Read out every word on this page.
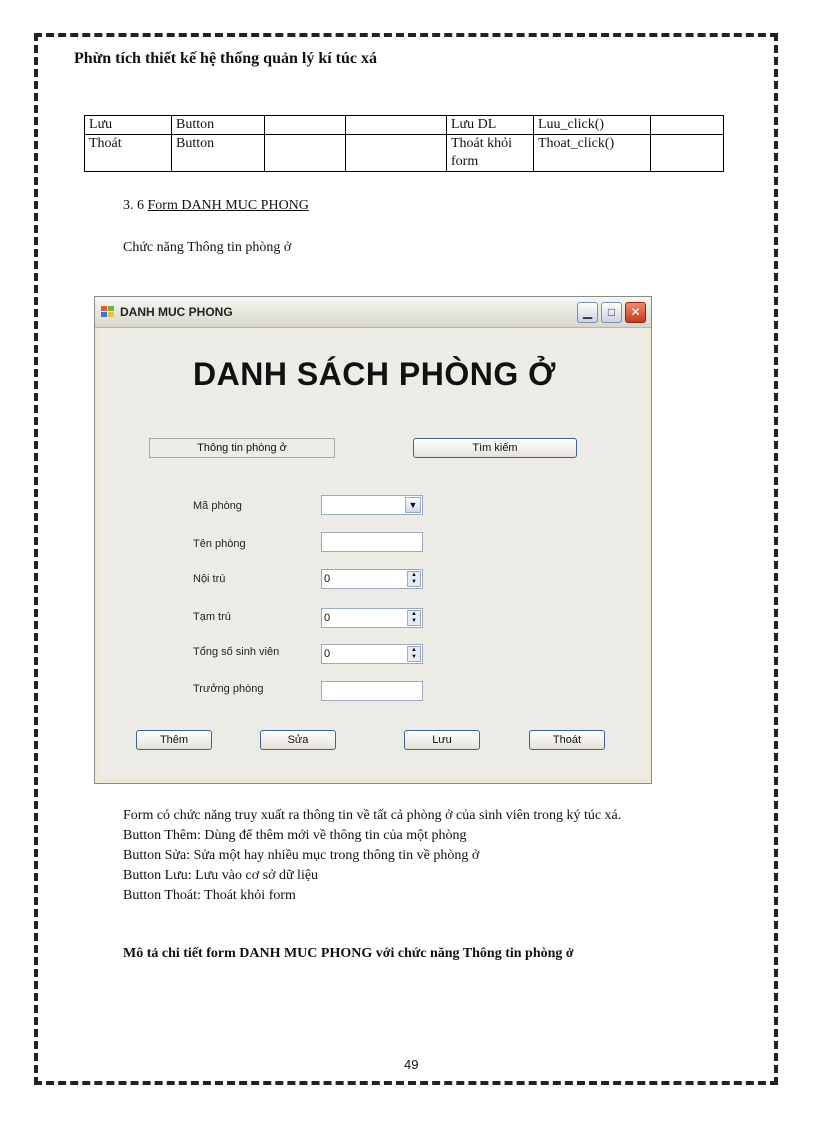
Phừn tích thiết kế hệ thống quản lý kí túc xá
Lưu	Button			Lưu DL	Luu_click()	
Thoát	Button			Thoát khỏi form	Thoat_click()	
3. 6 Form DANH MUC PHONG
Chức năng Thông tin phòng ở
DANH MUC PHONG	▁	□	✕
DANH SÁCH PHÒNG Ở
Thông tin phòng ở	Tìm kiếm
Mã phòng	▼
Tên phòng
Nội trú	0	▲
▼
Tạm trú	0	▲
▼
Tổng số sinh viên	0	▲
▼
Trưởng phòng
Thêm	Sửa	Lưu	Thoát
Form có chức năng truy xuất ra thông tin về tất cả phòng ở của sinh viên trong ký túc xá.
Button Thêm: Dùng để thêm mới về thông tin của một phòng
Button Sửa: Sửa một hay nhiều mục trong thông tin về phòng ở
Button Lưu: Lưu vào cơ sở dữ liệu
Button Thoát: Thoát khỏi form
Mô tả chi tiết form DANH MUC PHONG với chức năng Thông tin phòng ở
49
